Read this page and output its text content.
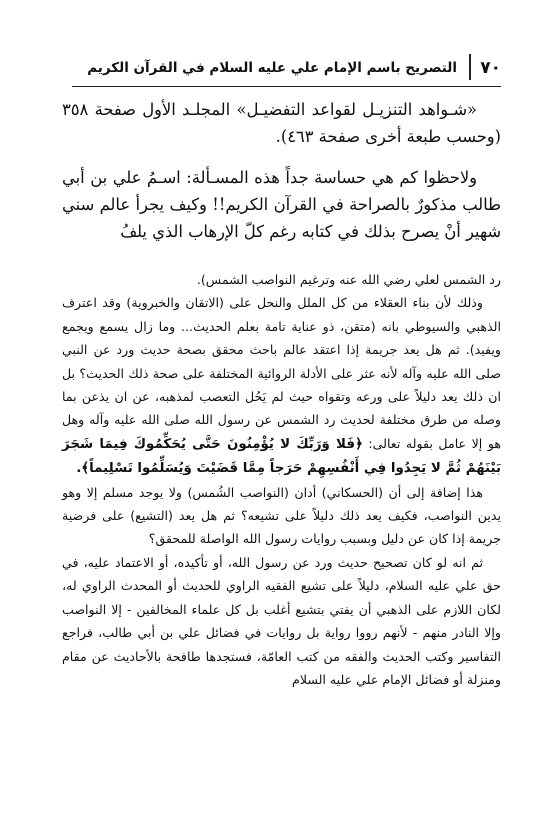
٧٠
التصريح باسم الإمام علي عليه السلام في القرآن الكريم

«شـواهد التنزيـل لقواعد التفضيـل» المجلـد الأول صفحة ٣٥٨ (وحسب طبعة أخرى صفحة ٤٦٣).

ولاحظوا كم هي حساسة جداً هذه المسـألة: اسـمُ علي بن أبي طالب مذكورٌ بالصراحة في القرآن الكريم!! وكيف يجرأ عالم سني شهير أنْ يصرح بذلك في كتابه رغم كلّ الإرهاب الذي يلفُ

رد الشمس لعلي رضي الله عنه وترغيم النواصب الشمس).

وذلك لأن بناء العقلاء من كل الملل والنحل على (الاتقان والخبروية) وقد اعترف الذهبي والسيوطي بانه (متقن، ذو عناية تامة بعلم الحديث... وما زال يسمع ويجمع ويفيد). ثم هل يعد جريمة إذا اعتقد عالم باحث محقق بصحة حديث ورد عن النبي صلى الله عليه وآله لأنه عثر على الأدلة الروائية المختلفة على صحة ذلك الحديث؟ بل ان ذلك يعد دليلاً على ورعه وتقواه حيث لم يَحُل التعصب لمذهبه، عن ان يذعن بما وصله من طرق مختلفة لحديث رد الشمس عن رسول الله صلى الله عليه وآله وهل هو إلا عامل بقوله تعالى: ﴿فَلا وَرَبِّكَ لا يُؤْمِنُونَ حَتَّى يُحَكِّمُوكَ فِيمَا شَجَرَ بَيْنَهُمْ ثُمَّ لا يَجِدُوا فِي أَنْفُسِهِمْ حَرَجاً مِمَّا قَضَيْتَ وَيُسَلِّمُوا تَسْلِيماً﴾.

هذا إضافة إلى أن (الحسكاني) أدان (النواصب الشُمس) ولا يوجد مسلم إلا وهو يدين النواصب، فكيف يعد ذلك دليلاً على تشيعه؟ ثم هل يعد (التشيع) على فرضية جريمة إذا كان عن دليل وبسبب روايات رسول الله الواصلة للمحقق؟

ثم انه لو كان تصحيح حديث ورد عن رسول الله، أو تأكيده، أو الاعتماد عليه، في حق علي عليه السلام، دليلاً على تشيع الفقيه الراوي للحديث أو المحدث الراوي له، لكان اللازم على الذهبي أن يفتي بتشيع أغلب بل كل علماء المخالفين - إلا النواصب وإلا النادر منهم - لأنهم رووا رواية بل روايات في فضائل علي بن أبي طالب، فراجع التفاسير وكتب الحديث والفقه من كتب العامّة، فستجدها طافحة بالأحاديث عن مقام ومنزلة أو فضائل الإمام علي عليه السلام
